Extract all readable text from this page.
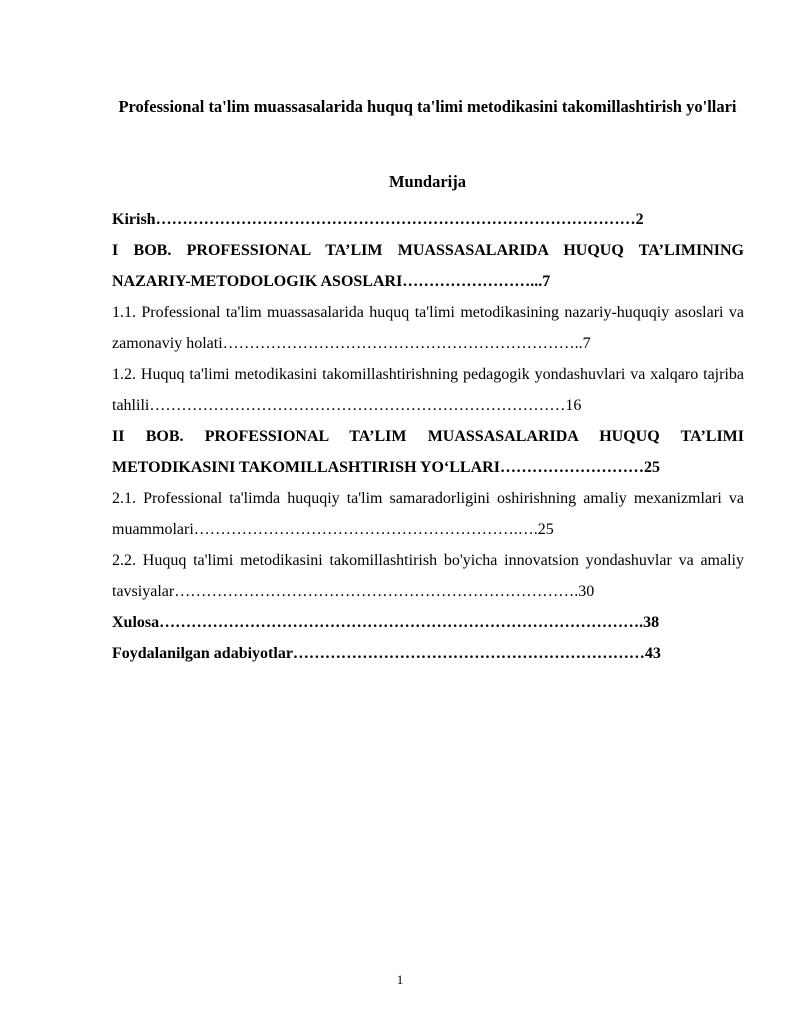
Professional ta'lim muassasalarida huquq ta'limi metodikasini takomillashtirish yo'llari
Mundarija

Kirish………………………………………………………………………………2

I BOB. PROFESSIONAL TA’LIM MUASSASALARIDA HUQUQ TA’LIMINING NAZARIY-METODOLOGIK ASOSLARI……………………...7

1.1. Professional ta'lim muassasalarida huquq ta'limi metodikasining nazariy-huquqiy asoslari va zamonaviy holati…………………………………………………………..7

1.2. Huquq ta'limi metodikasini takomillashtirishning pedagogik yondashuvlari va xalqaro tajriba tahlili……………………………………………………………………16

II BOB. PROFESSIONAL TA’LIM MUASSASALARIDA HUQUQ TA’LIMI METODIKASINI TAKOMILLASHTIRISH YO‘LLARI………………………25

2.1. Professional ta'limda huquqiy ta'lim samaradorligini oshirishning amaliy mexanizmlari va muammolari…………………………………………………….….25

2.2. Huquq ta'limi metodikasini takomillashtirish bo'yicha innovatsion yondashuvlar va amaliy tavsiyalar………………………………………………………………….30

Xulosa……………………………………………………………………………….38

Foydalanilgan adabiyotlar…………………………………………………………43

1
